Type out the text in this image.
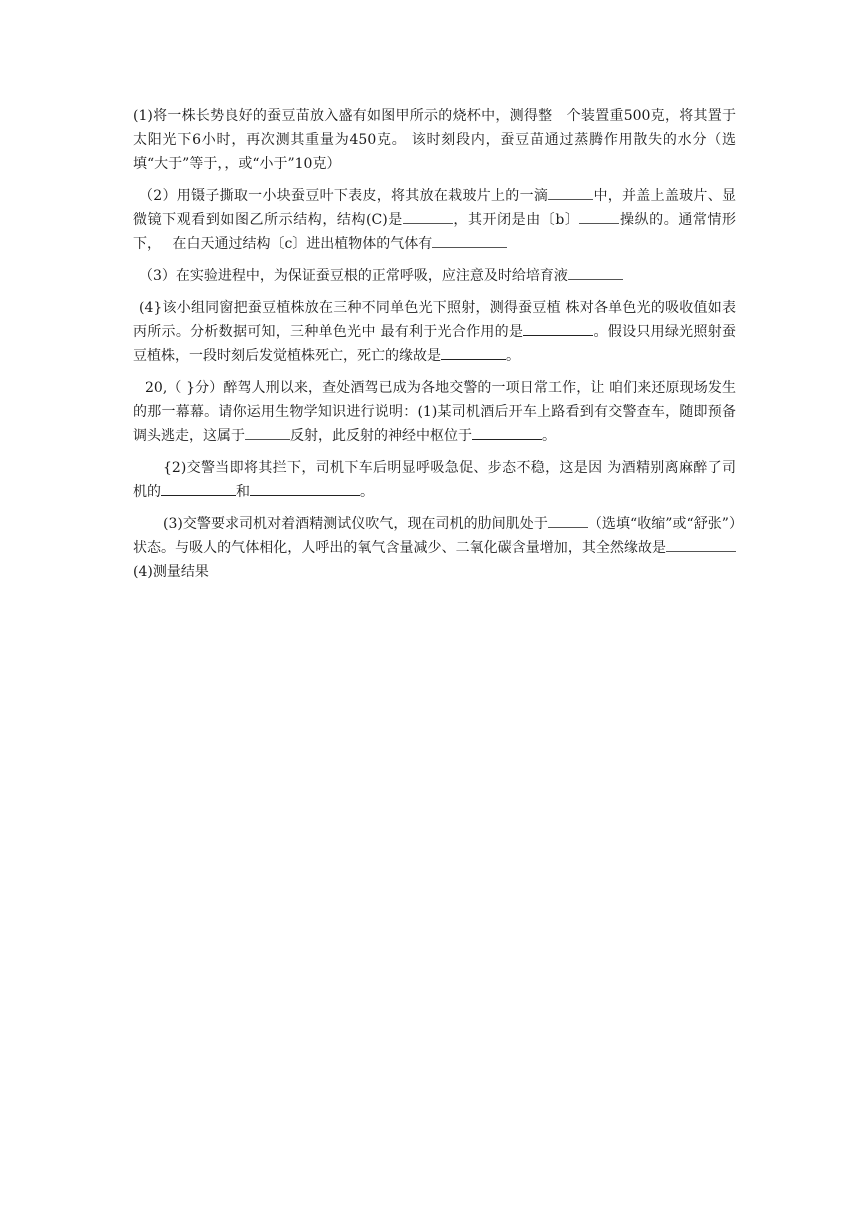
(1)将一株长势良好的蚕豆苗放入盛有如图甲所示的烧杯中，测得整　个装置重500克，将其置于太阳光下6小时，再次测其重量为450克。 该时刻段内，蚕豆苗通过蒸腾作用散失的水分（选填“大于”等于，，或“小于”10克）

（2）用镊子撕取一小块蚕豆叶下表皮，将其放在栽玻片上的一滴	中，并盖上盖玻片、显微镜下观看到如图乙所示结构，结构(C)是	，其开闭是由〔b〕	操纵的。通常情形下，　 在白天通过结构〔c〕进出植物体的气体有

（3）在实验进程中，为保证蚕豆根的正常呼吸，应注意及时给培育液

(4}该小组同窗把蚕豆植株放在三种不同单色光下照射，测得蚕豆植 株对各单色光的吸收值如表丙所示。分析数据可知，三种单色光中 最有利于光合作用的是	。假设只用绿光照射蚕豆植株，一段时刻后发觉植株死亡，死亡的缘故是	。

20,（ }分）醉驾人刑以来，查处酒驾已成为各地交警的一项日常工作，让 咱们来还原现场发生的那一幕幕。请你运用生物学知识进行说明：(1)某司机酒后开车上路看到有交警查车，随即预备调头逃走，这属于	反射，此反射的神经中枢位于	。

{2)交警当即将其拦下，司机下车后明显呼吸急促、步态不稳，这是因 为酒精别离麻醉了司机的	和	。

(3)交警要求司机对着酒精测试仪吹气，现在司机的肋间肌处于	（选填“收缩”或“舒张”）状态。与吸人的气体相化，人呼出的氧气含量减少、二氧化碳含量增加，其全然缘故是(4)测量结果
